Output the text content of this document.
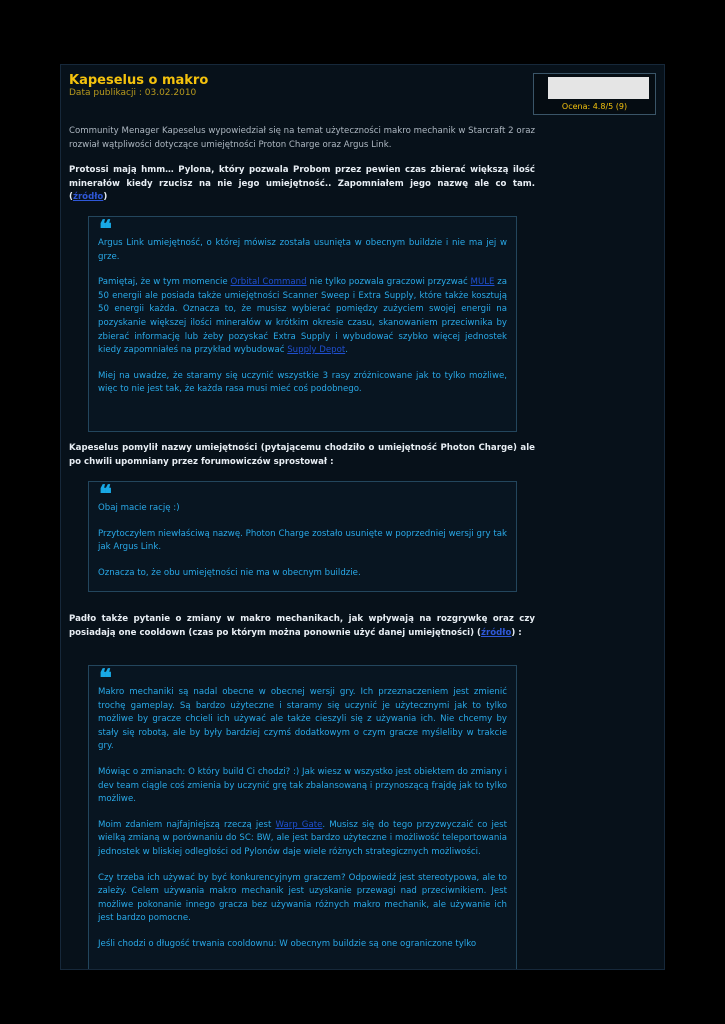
Kapeselus o makro
Data publikacji : 03.02.2010
Ocena: 4.8/5 (9)
Community Menager Kapeselus wypowiedział się na temat użyteczności makro mechanik w Starcraft 2 oraz rozwiał wątpliwości dotyczące umiejętności Proton Charge oraz Argus Link.
Protossi mają hmm… Pylona, który pozwala Probom przez pewien czas zbierać większą ilość minerałów kiedy rzucisz na nie jego umiejętność.. Zapomniałem jego nazwę ale co tam. (źródło)
❝

Argus Link umiejętność, o której mówisz została usunięta w obecnym buildzie i nie ma jej w grze.

Pamiętaj, że w tym momencie Orbital Command nie tylko pozwala graczowi przyzwać MULE za 50 energii ale posiada także umiejętności Scanner Sweep i Extra Supply, które także kosztują 50 energii każda. Oznacza to, że musisz wybierać pomiędzy zużyciem swojej energii na pozyskanie większej ilości minerałów w krótkim okresie czasu, skanowaniem przeciwnika by zbierać informację lub żeby pozyskać Extra Supply i wybudować szybko więcej jednostek kiedy zapomniałeś na przykład wybudować Supply Depot.

Miej na uwadze, że staramy się uczynić wszystkie 3 rasy zróżnicowane jak to tylko możliwe, więc to nie jest tak, że każda rasa musi mieć coś podobnego.

Kapeselus pomylił nazwy umiejętności (pytającemu chodziło o umiejętność Photon Charge) ale po chwili upomniany przez forumowiczów sprostował :
❝

Obaj macie rację :)

Przytoczyłem niewłaściwą nazwę. Photon Charge zostało usunięte w poprzedniej wersji gry tak jak Argus Link.

Oznacza to, że obu umiejętności nie ma w obecnym buildzie.

Padło także pytanie o zmiany w makro mechanikach, jak wpływają na rozgrywkę oraz czy posiadają one cooldown (czas po którym można ponownie użyć danej umiejętności) (źródło) :
❝

Makro mechaniki są nadal obecne w obecnej wersji gry. Ich przeznaczeniem jest zmienić trochę gameplay. Są bardzo użyteczne i staramy się uczynić je użytecznymi jak to tylko możliwe by gracze chcieli ich używać ale także cieszyli się z używania ich. Nie chcemy by stały się robotą, ale by były bardziej czymś dodatkowym o czym gracze myśleliby w trakcie gry.

Mówiąc o zmianach: O który build Ci chodzi? :) Jak wiesz w wszystko jest obiektem do zmiany i dev team ciągle coś zmienia by uczynić grę tak zbalansowaną i przynoszącą frajdę jak to tylko możliwe.

Moim zdaniem najfajniejszą rzeczą jest Warp Gate. Musisz się do tego przyzwyczaić co jest wielką zmianą w porównaniu do SC: BW, ale jest bardzo użyteczne i możliwość teleportowania jednostek w bliskiej odległości od Pylonów daje wiele różnych strategicznych możliwości.

Czy trzeba ich używać by być konkurencyjnym graczem? Odpowiedź jest stereotypowa, ale to zależy. Celem używania makro mechanik jest uzyskanie przewagi nad przeciwnikiem. Jest możliwe pokonanie innego gracza bez używania różnych makro mechanik, ale używanie ich jest bardzo pomocne.

Jeśli chodzi o długość trwania cooldownu: W obecnym buildzie są one ograniczone tylko
